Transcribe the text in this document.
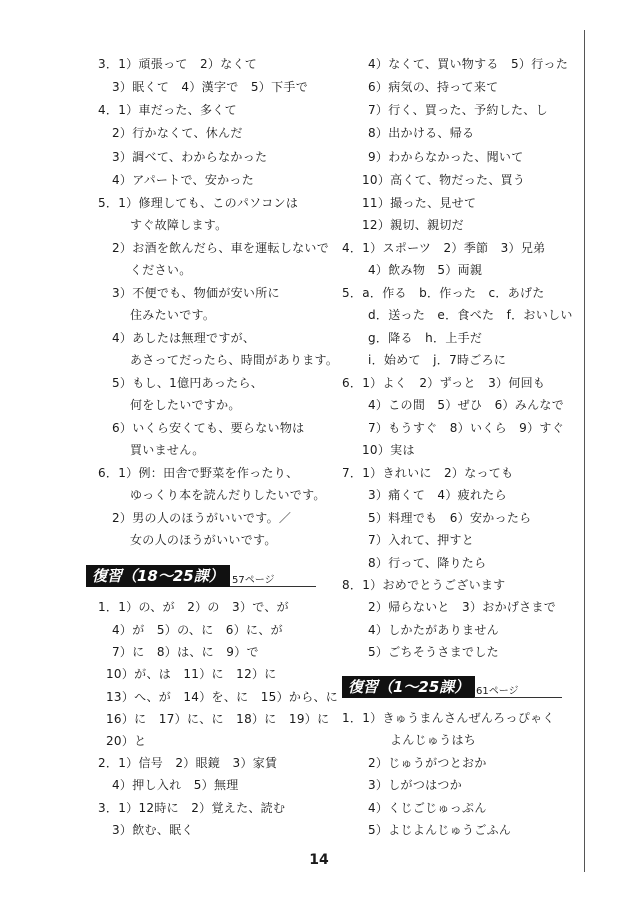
3．1）頑張って　2）なくて
3）眠くて　4）漢字で　5）下手で
4．1）車だった、多くて
2）行かなくて、休んだ
3）調べて、わからなかった
4）アパートで、安かった
5．1）修理しても、このパソコンは
すぐ故障します。
2）お酒を飲んだら、車を運転しないで
ください。
3）不便でも、物価が安い所に
住みたいです。
4）あしたは無理ですが、
あさってだったら、時間があります。
5）もし、1億円あったら、
何をしたいですか。
6）いくら安くても、要らない物は
買いません。
6．1）例：田舎で野菜を作ったり、
ゆっくり本を読んだりしたいです。
2）男の人のほうがいいです。／
女の人のほうがいいです。
復習（18〜25課） 57ページ
1．1）の、が　2）の　3）で、が
4）が　5）の、に　6）に、が
7）に　8）は、に　9）で
10）が、は　11）に　12）に
13）へ、が　14）を、に　15）から、に
16）に　17）に、に　18）に　19）に
20）と
2．1）信号　2）眼鏡　3）家賃
4）押し入れ　5）無理
3．1）12時に　2）覚えた、読む
3）飲む、眠く
4）なくて、買い物する　5）行った
6）病気の、持って来て
7）行く、買った、予約した、し
8）出かける、帰る
9）わからなかった、聞いて
10）高くて、物だった、買う
11）撮った、見せて
12）親切、親切だ
4．1）スポーツ　2）季節　3）兄弟
4）飲み物　5）両親
5．a．作る　b．作った　c．あげた
d．送った　e．食べた　f．おいしい
g．降る　h．上手だ
i．始めて　j．7時ごろに
6．1）よく　2）ずっと　3）何回も
4）この間　5）ぜひ　6）みんなで
7）もうすぐ　8）いくら　9）すぐ
10）実は
7．1）きれいに　2）なっても
3）痛くて　4）疲れたら
5）料理でも　6）安かったら
7）入れて、押すと
8）行って、降りたら
8．1）おめでとうございます
2）帰らないと　3）おかげさまで
4）しかたがありません
5）ごちそうさまでした
復習（1〜25課） 61ページ
1．1）きゅうまんさんぜんろっぴゃく
よんじゅうはち
2）じゅうがつとおか
3）しがつはつか
4）くじごじゅっぷん
5）よじよんじゅうごふん
14
